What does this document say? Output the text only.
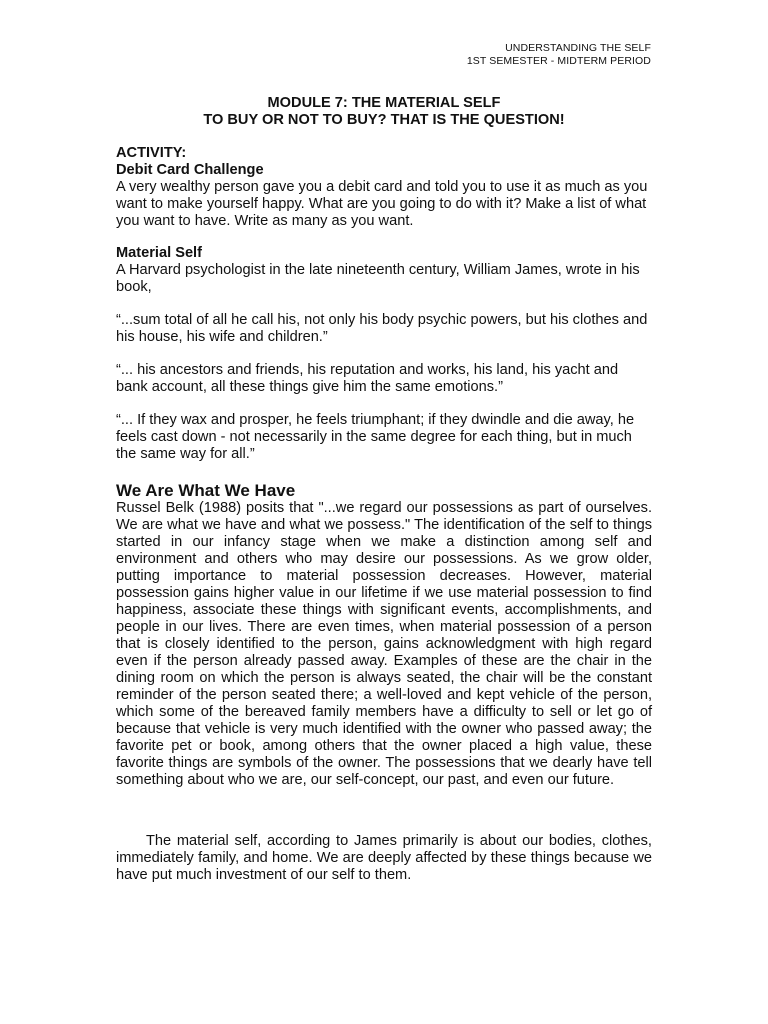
UNDERSTANDING THE SELF
1ST SEMESTER - MIDTERM PERIOD
MODULE 7: THE MATERIAL SELF
TO BUY OR NOT TO BUY? THAT IS THE QUESTION!
ACTIVITY:
Debit Card Challenge

A very wealthy person gave you a debit card and told you to use it as much as you want to make yourself happy. What are you going to do with it? Make a list of what you want to have. Write as many as you want.

Material Self

A Harvard psychologist in the late nineteenth century, William James, wrote in his book,

“...sum total of all he call his, not only his body psychic powers, but his clothes and his house, his wife and children.”

“... his ancestors and friends, his reputation and works, his land, his yacht and bank account, all these things give him the same emotions.”

“... If they wax and prosper, he feels triumphant; if they dwindle and die away, he feels cast down - not necessarily in the same degree for each thing, but in much the same way for all.”

We Are What We Have

Russel Belk (1988) posits that "...we regard our possessions as part of ourselves. We are what we have and what we possess." The identification of the self to things started in our infancy stage when we make a distinction among self and environment and others who may desire our possessions. As we grow older, putting importance to material possession decreases. However, material possession gains higher value in our lifetime if we use material possession to find happiness, associate these things with significant events, accomplishments, and people in our lives. There are even times, when material possession of a person that is closely identified to the person, gains acknowledgment with high regard even if the person already passed away. Examples of these are the chair in the dining room on which the person is always seated, the chair will be the constant reminder of the person seated there; a well-loved and kept vehicle of the person, which some of the bereaved family members have a difficulty to sell or let go of because that vehicle is very much identified with the owner who passed away; the favorite pet or book, among others that the owner placed a high value, these favorite things are symbols of the owner. The possessions that we dearly have tell something about who we are, our self-concept, our past, and even our future.

The material self, according to James primarily is about our bodies, clothes, immediately family, and home. We are deeply affected by these things because we have put much investment of our self to them.
